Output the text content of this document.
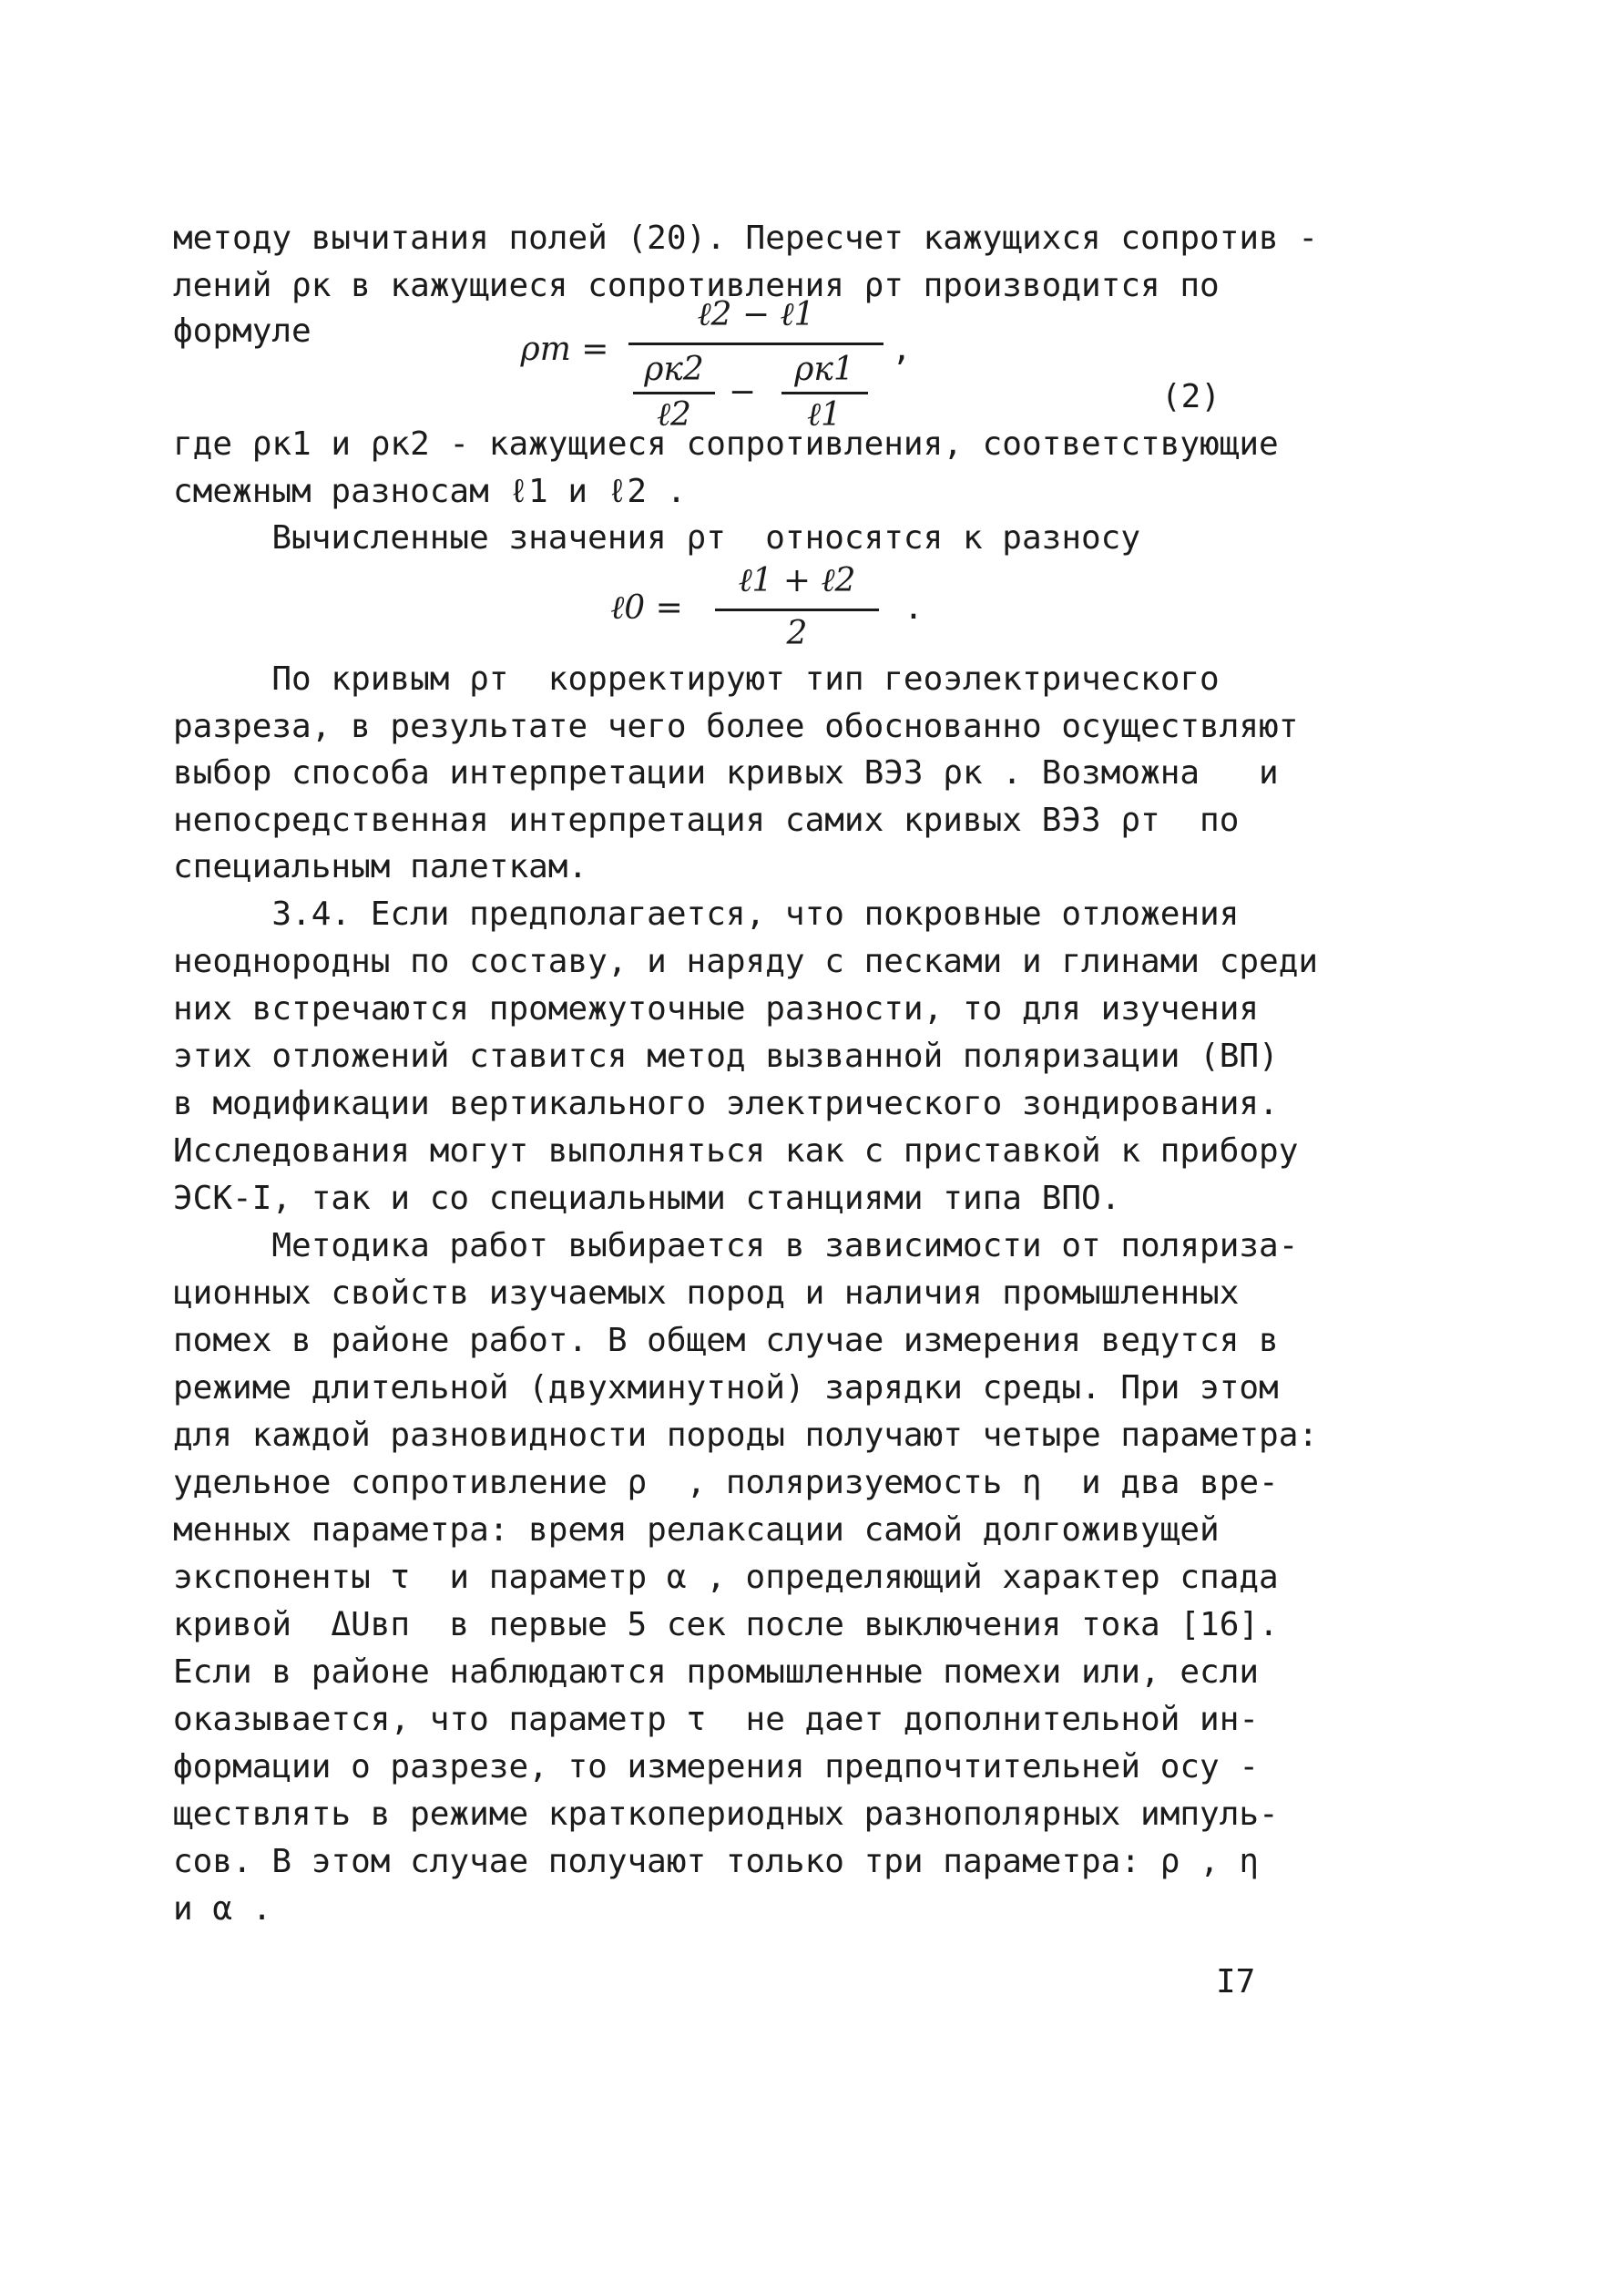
методу вычитания полей (20). Пересчет кажущихся сопротив -
лений ρк в кажущиеся сопротивления ρт производится по
формуле	ρт =
ℓ2 − ℓ1
ρк2
ℓ2
−
ρк1
ℓ1
,
(2)
где ρк1 и ρк2 - кажущиеся сопротивления, соответствующие
смежным разносам ℓ1 и ℓ2 .
Вычисленные значения ρт  относятся к разносу
ℓ0 =
ℓ1 + ℓ2
2
.
По кривым ρт  корректируют тип геоэлектрического
разреза, в результате чего более обоснованно осуществляют
выбор способа интерпретации кривых ВЭЗ ρк . Возможна   и
непосредственная интерпретация самих кривых ВЭЗ ρт  по
специальным палеткам.
3.4. Если предполагается, что покровные отложения
неоднородны по составу, и наряду с песками и глинами среди
них встречаются промежуточные разности, то для изучения
этих отложений ставится метод вызванной поляризации (ВП)
в модификации вертикального электрического зондирования.
Исследования могут выполняться как с приставкой к прибору
ЭСК-I, так и со специальными станциями типа ВПО.
Методика работ выбирается в зависимости от поляриза-
ционных свойств изучаемых пород и наличия промышленных
помех в районе работ. В общем случае измерения ведутся в
режиме длительной (двухминутной) зарядки среды. При этом
для каждой разновидности породы получают четыре параметра:
удельное сопротивление ρ  , поляризуемость η  и два вре-
менных параметра: время релаксации самой долгоживущей
экспоненты τ  и параметр α , определяющий характер спада
кривой  ΔUвп  в первые 5 сек после выключения тока [16].
Если в районе наблюдаются промышленные помехи или, если
оказывается, что параметр τ  не дает дополнительной ин-
формации о разрезе, то измерения предпочтительней осу -
ществлять в режиме краткопериодных разнополярных импуль-
сов. В этом случае получают только три параметра: ρ , η
и α .
I7
